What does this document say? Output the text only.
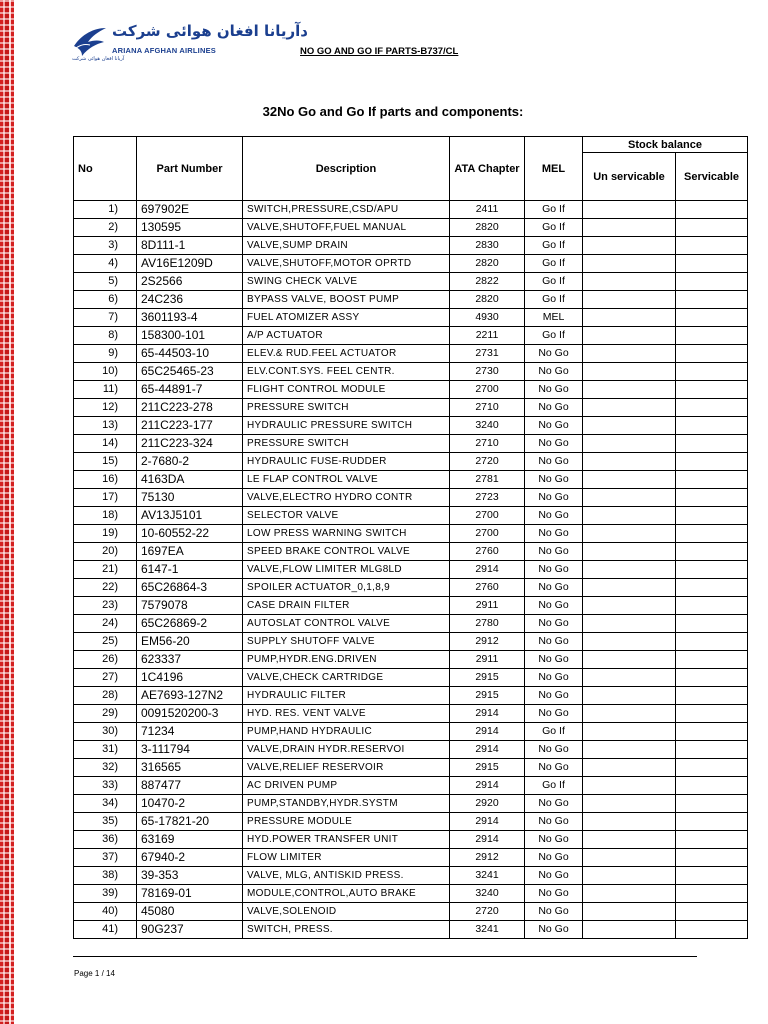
دآریانا افغان هوائی شرکت
ARIANA AFGHAN AIRLINES
آریانا افغان هوائی شرکت
NO GO AND GO IF PARTS-B737/CL
32No Go and Go If parts and components:
No	Part Number	Description	ATA Chapter	MEL	Stock balance	
					Un servicable	Servicable
1)	697902E	SWITCH,PRESSURE,CSD/APU	2411	Go If		
2)	130595	VALVE,SHUTOFF,FUEL MANUAL	2820	Go If		
3)	8D111-1	VALVE,SUMP DRAIN	2830	Go If		
4)	AV16E1209D	VALVE,SHUTOFF,MOTOR OPRTD	2820	Go If		
5)	2S2566	SWING CHECK VALVE	2822	Go If		
6)	24C236	BYPASS VALVE, BOOST PUMP	2820	Go If		
7)	3601193-4	FUEL ATOMIZER ASSY	4930	MEL		
8)	158300-101	A/P ACTUATOR	2211	Go If		
9)	65-44503-10	ELEV.& RUD.FEEL ACTUATOR	2731	No Go		
10)	65C25465-23	ELV.CONT.SYS. FEEL CENTR.	2730	No Go		
11)	65-44891-7	FLIGHT CONTROL MODULE	2700	No Go		
12)	211C223-278	PRESSURE SWITCH	2710	No Go		
13)	211C223-177	HYDRAULIC PRESSURE SWITCH	3240	No Go		
14)	211C223-324	PRESSURE SWITCH	2710	No Go		
15)	2-7680-2	HYDRAULIC FUSE-RUDDER	2720	No Go		
16)	4163DA	LE FLAP CONTROL VALVE	2781	No Go		
17)	75130	VALVE,ELECTRO HYDRO CONTR	2723	No Go		
18)	AV13J5101	SELECTOR VALVE	2700	No Go		
19)	10-60552-22	LOW PRESS WARNING SWITCH	2700	No Go		
20)	1697EA	SPEED BRAKE CONTROL VALVE	2760	No Go		
21)	6147-1	VALVE,FLOW LIMITER MLG8LD	2914	No Go		
22)	65C26864-3	SPOILER ACTUATOR_0,1,8,9	2760	No Go		
23)	7579078	CASE DRAIN FILTER	2911	No Go		
24)	65C26869-2	AUTOSLAT CONTROL VALVE	2780	No Go		
25)	EM56-20	SUPPLY SHUTOFF VALVE	2912	No Go		
26)	623337	PUMP,HYDR.ENG.DRIVEN	2911	No Go		
27)	1C4196	VALVE,CHECK CARTRIDGE	2915	No Go		
28)	AE7693-127N2	HYDRAULIC FILTER	2915	No Go		
29)	0091520200-3	HYD. RES. VENT VALVE	2914	No Go		
30)	71234	PUMP,HAND HYDRAULIC	2914	Go If		
31)	3-111794	VALVE,DRAIN HYDR.RESERVOI	2914	No Go		
32)	316565	VALVE,RELIEF RESERVOIR	2915	No Go		
33)	887477	AC DRIVEN PUMP	2914	Go If		
34)	10470-2	PUMP,STANDBY,HYDR.SYSTM	2920	No Go		
35)	65-17821-20	PRESSURE MODULE	2914	No Go		
36)	63169	HYD.POWER TRANSFER UNIT	2914	No Go		
37)	67940-2	FLOW LIMITER	2912	No Go		
38)	39-353	VALVE, MLG, ANTISKID PRESS.	3241	No Go		
39)	78169-01	MODULE,CONTROL,AUTO BRAKE	3240	No Go		
40)	45080	VALVE,SOLENOID	2720	No Go		
41)	90G237	SWITCH, PRESS.	3241	No Go		
Page 1 / 14
